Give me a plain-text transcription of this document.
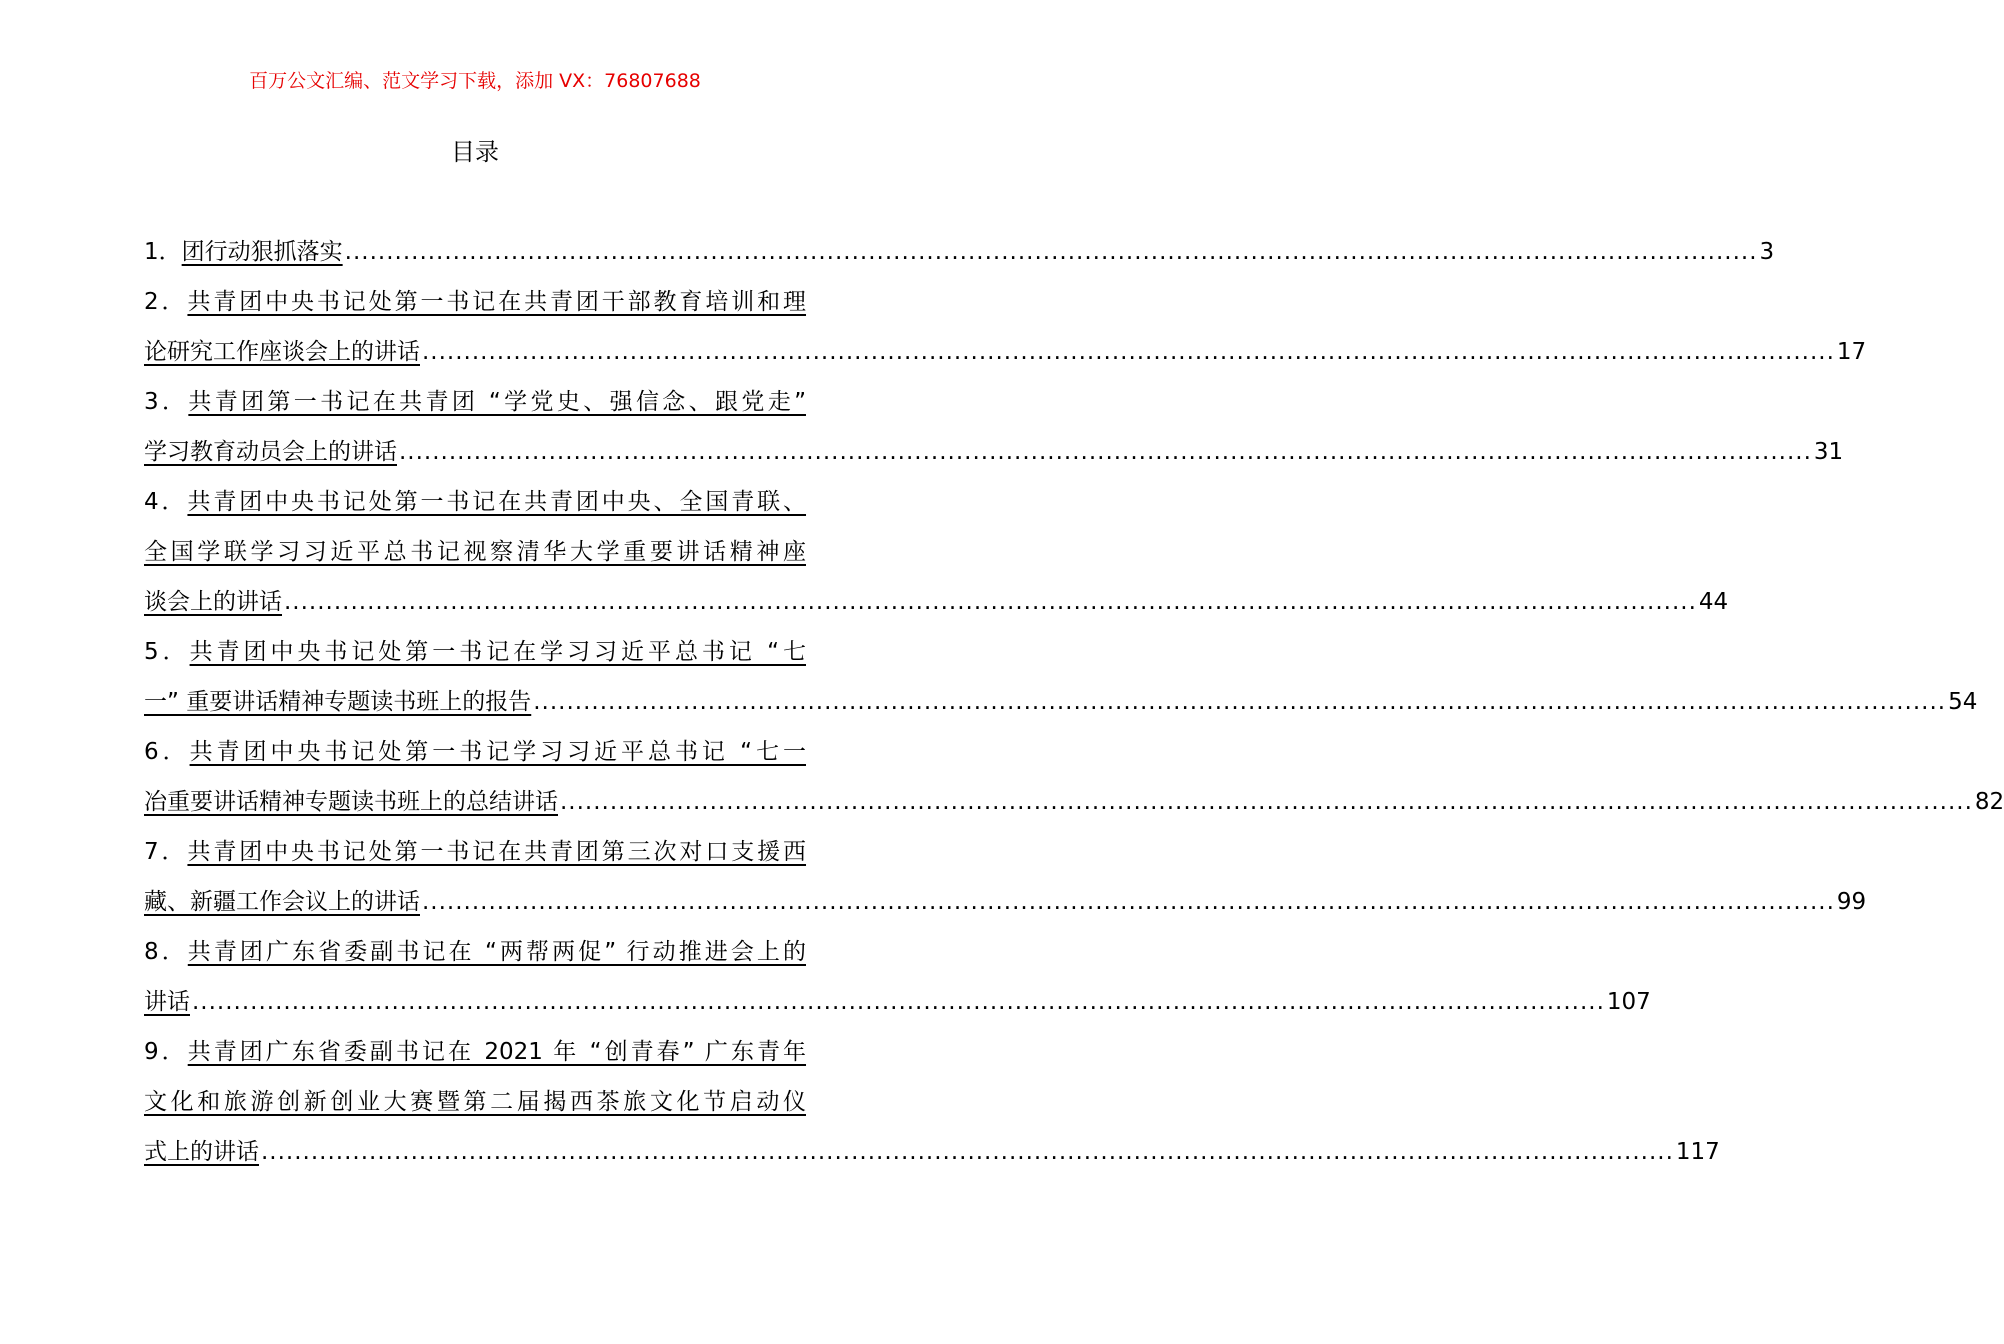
百万公文汇编、范文学习下载，添加 VX：76807688
目录
1．团行动狠抓落实 .......................................................................................................................................................................... 3
2．共青团中央书记处第一书记在共青团干部教育培训和理
论研究工作座谈会上的讲话 .......................................................................................................................................................................... 17
3．共青团第一书记在共青团 “学党史、强信念、跟党走”
学习教育动员会上的讲话 .......................................................................................................................................................................... 31
4．共青团中央书记处第一书记在共青团中央、全国青联、
全国学联学习习近平总书记视察清华大学重要讲话精神座
谈会上的讲话 .......................................................................................................................................................................... 44
5．共青团中央书记处第一书记在学习习近平总书记 “七
一” 重要讲话精神专题读书班上的报告 .......................................................................................................................................................................... 54
6．共青团中央书记处第一书记学习习近平总书记 “七一
冶重要讲话精神专题读书班上的总结讲话 .......................................................................................................................................................................... 82
7．共青团中央书记处第一书记在共青团第三次对口支援西
藏、新疆工作会议上的讲话 .......................................................................................................................................................................... 99
8．共青团广东省委副书记在 “两帮两促” 行动推进会上的
讲话 .......................................................................................................................................................................... 107
9．共青团广东省委副书记在 2021 年 “创青春” 广东青年
文化和旅游创新创业大赛暨第二届揭西茶旅文化节启动仪
式上的讲话 .......................................................................................................................................................................... 117
